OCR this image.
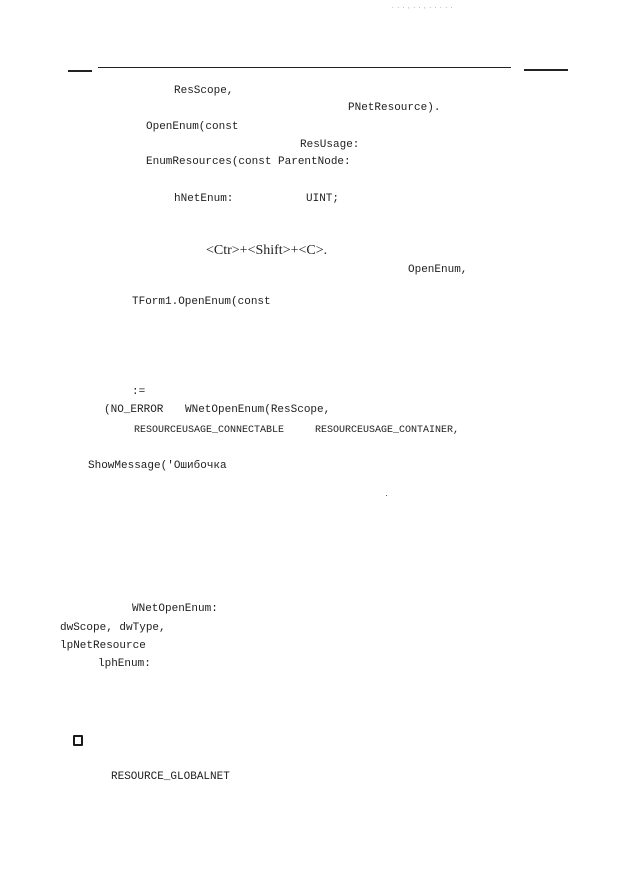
. . . , . . , . . . . .
ResScope,
PNetResource).
OpenEnum(const
ResUsage:
EnumResources(const ParentNode:
hNetEnum:	UINT;
<Ctr>+<Shift>+<C>.
OpenEnum,
TForm1.OpenEnum(const
:=
(NO_ERROR WNetOpenEnum(ResScope,
RESOURCEUSAGE_CONNECTABLE	RESOURCEUSAGE_CONTAINER,
ShowMessage('Ошибочка
WNetOpenEnum:
dwScope, dwType,
lpNetResource
lphEnum:
RESOURCE_GLOBALNET
